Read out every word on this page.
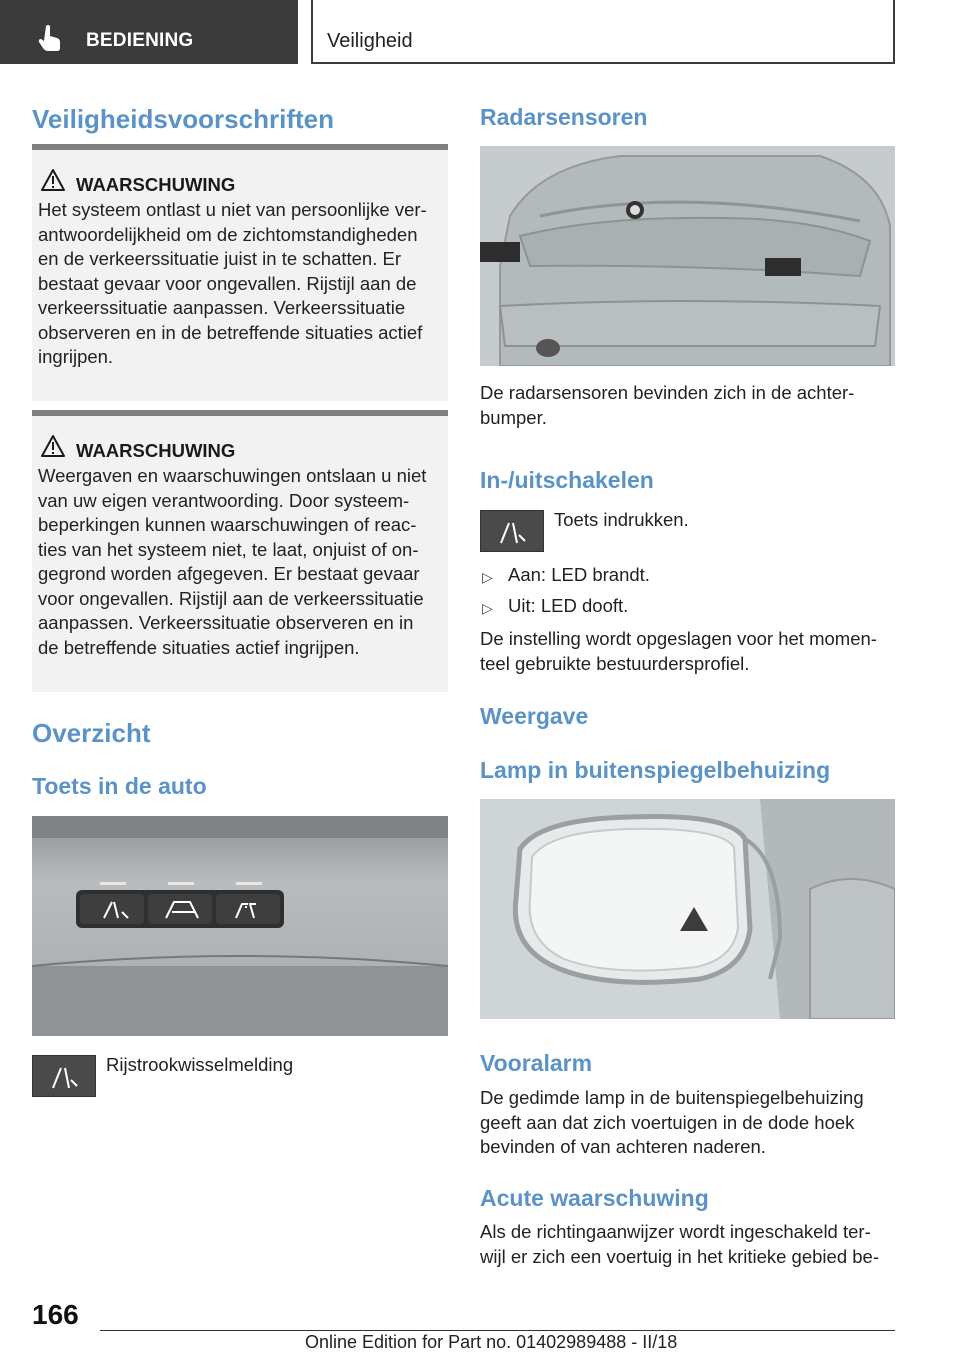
BEDIENING	Veiligheid
Veiligheidsvoorschriften
WAARSCHUWING
Het systeem ontlast u niet van persoonlijke ver-
antwoordelijkheid om de zichtomstandigheden
en de verkeerssituatie juist in te schatten. Er
bestaat gevaar voor ongevallen. Rijstijl aan de
verkeerssituatie aanpassen. Verkeerssituatie
observeren en in de betreffende situaties actief
ingrijpen.
WAARSCHUWING
Weergaven en waarschuwingen ontslaan u niet
van uw eigen verantwoording. Door systeem-
beperkingen kunnen waarschuwingen of reac-
ties van het systeem niet, te laat, onjuist of on-
gegrond worden afgegeven. Er bestaat gevaar
voor ongevallen. Rijstijl aan de verkeerssituatie
aanpassen. Verkeerssituatie observeren en in
de betreffende situaties actief ingrijpen.
Overzicht
Toets in de auto
Rijstrookwisselmelding
Radarsensoren
De radarsensoren bevinden zich in de achter-
bumper.
In-/uitschakelen
Toets indrukken.
▷ Aan: LED brandt.
▷ Uit: LED dooft.
De instelling wordt opgeslagen voor het momen-
teel gebruikte bestuurdersprofiel.
Weergave
Lamp in buitenspiegelbehuizing
Vooralarm
De gedimde lamp in de buitenspiegelbehuizing
geeft aan dat zich voertuigen in de dode hoek
bevinden of van achteren naderen.
Acute waarschuwing
Als de richtingaanwijzer wordt ingeschakeld ter-
wijl er zich een voertuig in het kritieke gebied be-
166
Online Edition for Part no. 01402989488 - II/18
